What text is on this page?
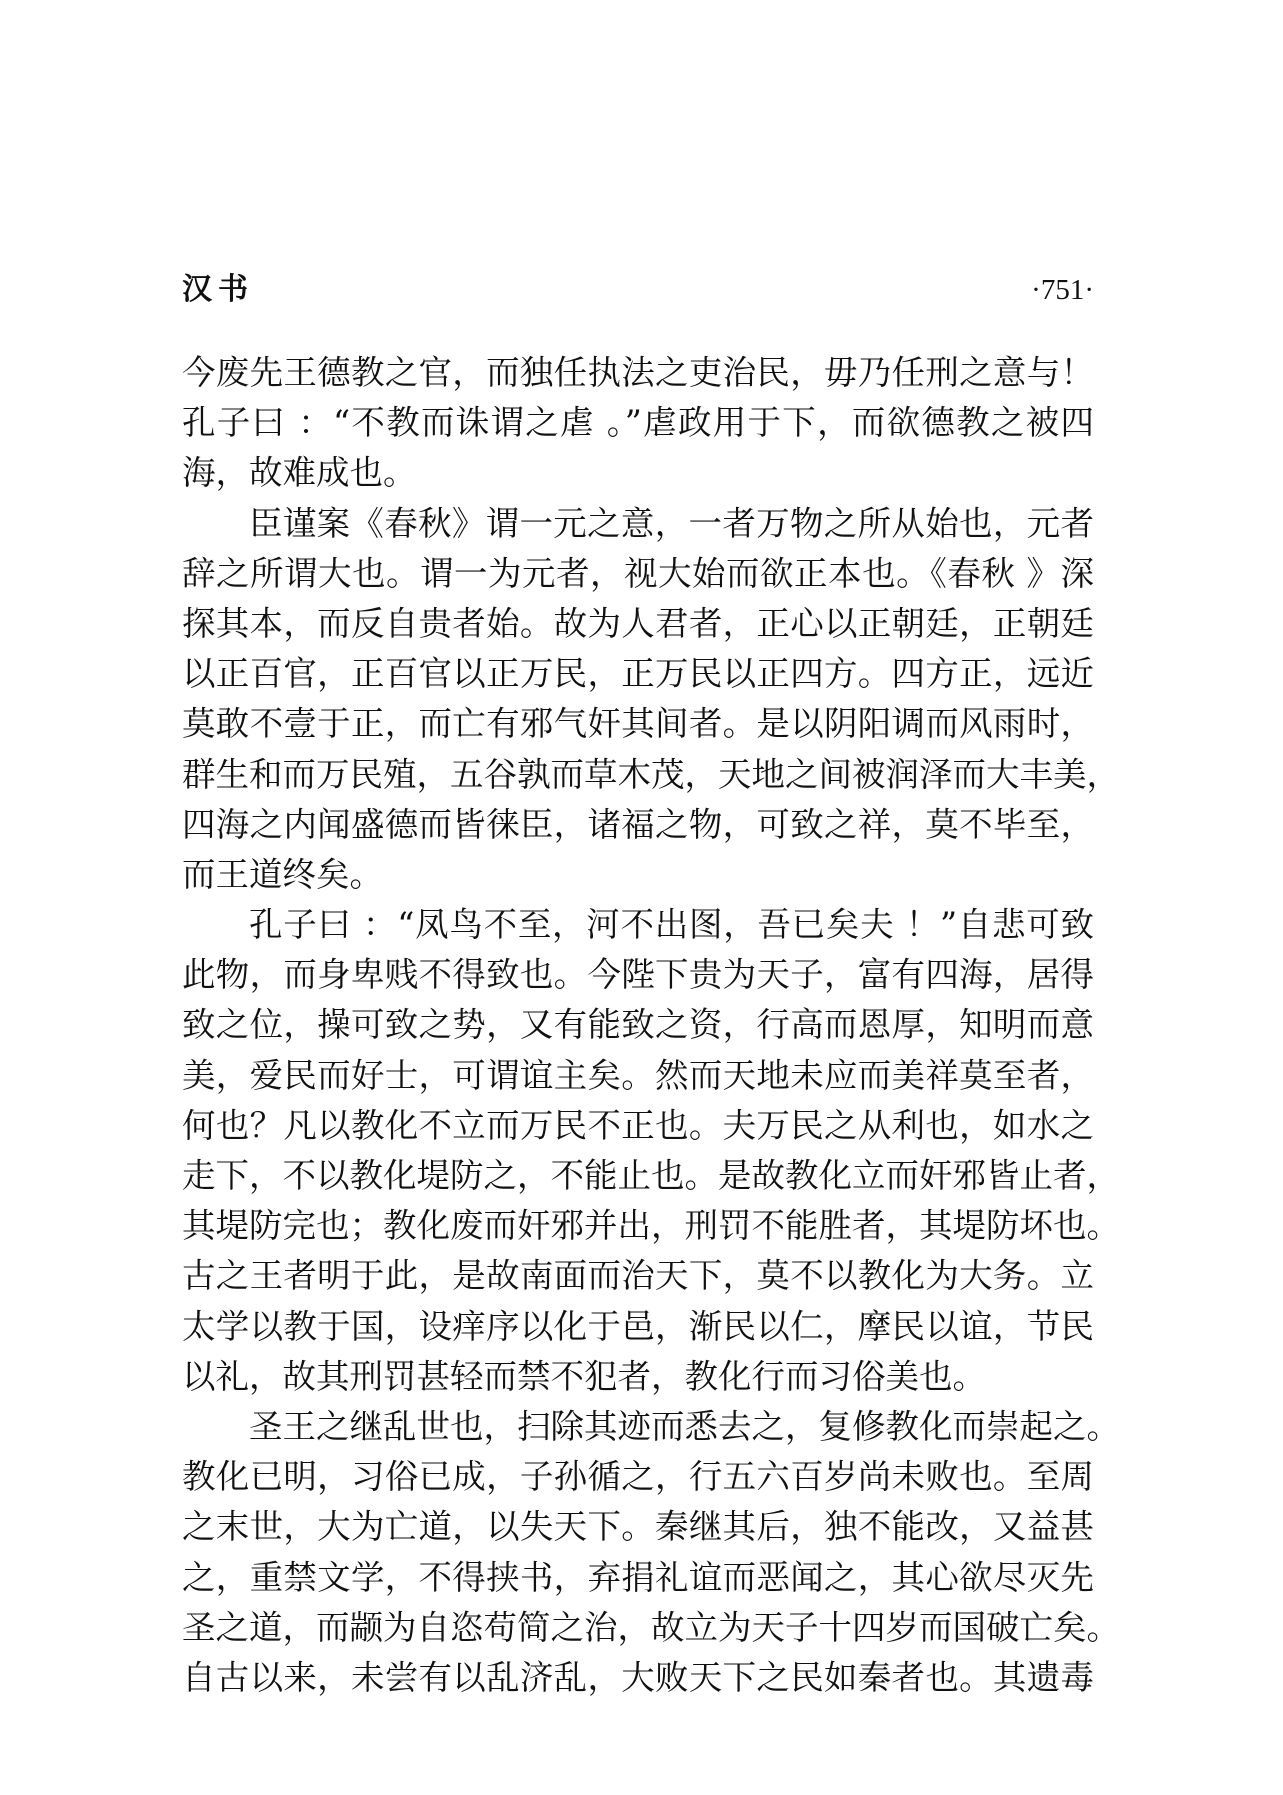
汉书	·751·
今废先王德教之官，而独任执法之吏治民，毋乃任刑之意与！
孔子曰 ：“不教而诛谓之虐 。”虐政用于下，而欲德教之被四
海，故难成也。
臣谨案《春秋》谓一元之意，一者万物之所从始也，元者
辞之所谓大也。谓一为元者，视大始而欲正本也。《春秋 》深
探其本，而反自贵者始。故为人君者，正心以正朝廷，正朝廷
以正百官，正百官以正万民，正万民以正四方。四方正，远近
莫敢不壹于正，而亡有邪气奸其间者。是以阴阳调而风雨时，
群生和而万民殖，五谷孰而草木茂，天地之间被润泽而大丰美，
四海之内闻盛德而皆徕臣，诸福之物，可致之祥，莫不毕至，
而王道终矣。
孔子曰 ：“凤鸟不至，河不出图，吾已矣夫 ！”自悲可致
此物，而身卑贱不得致也。今陛下贵为天子，富有四海，居得
致之位，操可致之势，又有能致之资，行高而恩厚，知明而意
美，爱民而好士，可谓谊主矣。然而天地未应而美祥莫至者，
何也？凡以教化不立而万民不正也。夫万民之从利也，如水之
走下，不以教化堤防之，不能止也。是故教化立而奸邪皆止者，
其堤防完也；教化废而奸邪并出，刑罚不能胜者，其堤防坏也。
古之王者明于此，是故南面而治天下，莫不以教化为大务。立
太学以教于国，设痒序以化于邑，渐民以仁，摩民以谊，节民
以礼，故其刑罚甚轻而禁不犯者，教化行而习俗美也。
圣王之继乱世也，扫除其迹而悉去之，复修教化而崇起之。
教化已明，习俗已成，子孙循之，行五六百岁尚未败也。至周
之末世，大为亡道，以失天下。秦继其后，独不能改，又益甚
之，重禁文学，不得挟书，弃捐礼谊而恶闻之，其心欲尽灭先
圣之道，而颛为自恣苟简之治，故立为天子十四岁而国破亡矣。
自古以来，未尝有以乱济乱，大败天下之民如秦者也。其遗毒
